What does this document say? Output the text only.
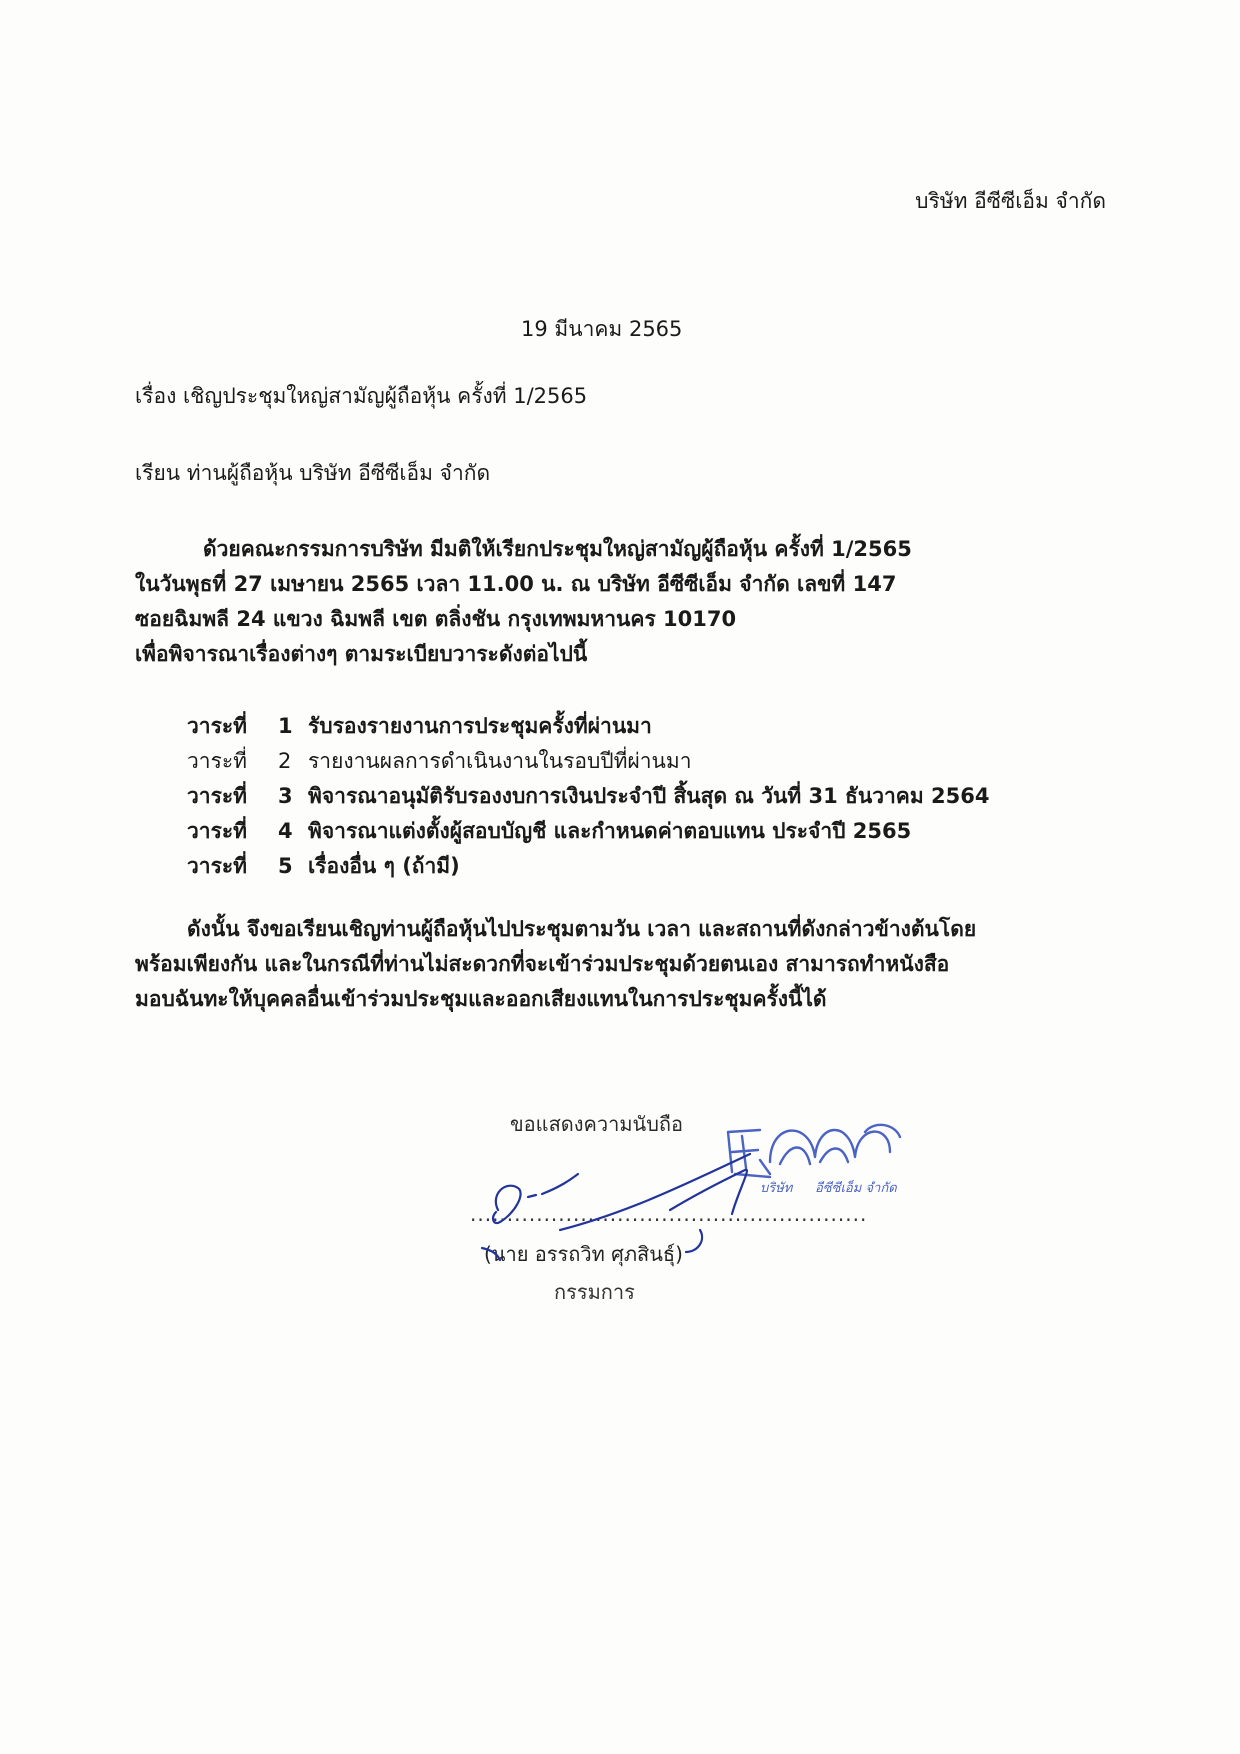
บริษัท อีซีซีเอ็ม จำกัด
19 มีนาคม 2565
เรื่อง เชิญประชุมใหญ่สามัญผู้ถือหุ้น ครั้งที่ 1/2565
เรียน ท่านผู้ถือหุ้น บริษัท อีซีซีเอ็ม จำกัด
ด้วยคณะกรรมการบริษัท มีมติให้เรียกประชุมใหญ่สามัญผู้ถือหุ้น ครั้งที่ 1/2565
ในวันพุธที่ 27 เมษายน 2565 เวลา 11.00 น. ณ บริษัท อีซีซีเอ็ม จำกัด เลขที่ 147
ซอยฉิมพลี 24 แขวง ฉิมพลี เขต ตลิ่งชัน กรุงเทพมหานคร 10170
เพื่อพิจารณาเรื่องต่างๆ ตามระเบียบวาระดังต่อไปนี้
วาระที่	1 รับรองรายงานการประชุมครั้งที่ผ่านมา
วาระที่	2 รายงานผลการดำเนินงานในรอบปีที่ผ่านมา
วาระที่	3 พิจารณาอนุมัติรับรองงบการเงินประจำปี สิ้นสุด ณ วันที่ 31 ธันวาคม 2564
วาระที่	4 พิจารณาแต่งตั้งผู้สอบบัญชี และกำหนดค่าตอบแทน ประจำปี 2565
วาระที่	5 เรื่องอื่น ๆ (ถ้ามี)
ดังนั้น จึงขอเรียนเชิญท่านผู้ถือหุ้นไปประชุมตามวัน เวลา และสถานที่ดังกล่าวข้างต้นโดย
พร้อมเพียงกัน และในกรณีที่ท่านไม่สะดวกที่จะเข้าร่วมประชุมด้วยตนเอง สามารถทำหนังสือ
มอบฉันทะให้บุคคลอื่นเข้าร่วมประชุมและออกเสียงแทนในการประชุมครั้งนี้ได้
ขอแสดงความนับถือ
......................................................
(นาย อรรถวิท ศุภสินธุ์)
กรรมการ
บริษัท อีซีซีเอ็ม จำกัด
